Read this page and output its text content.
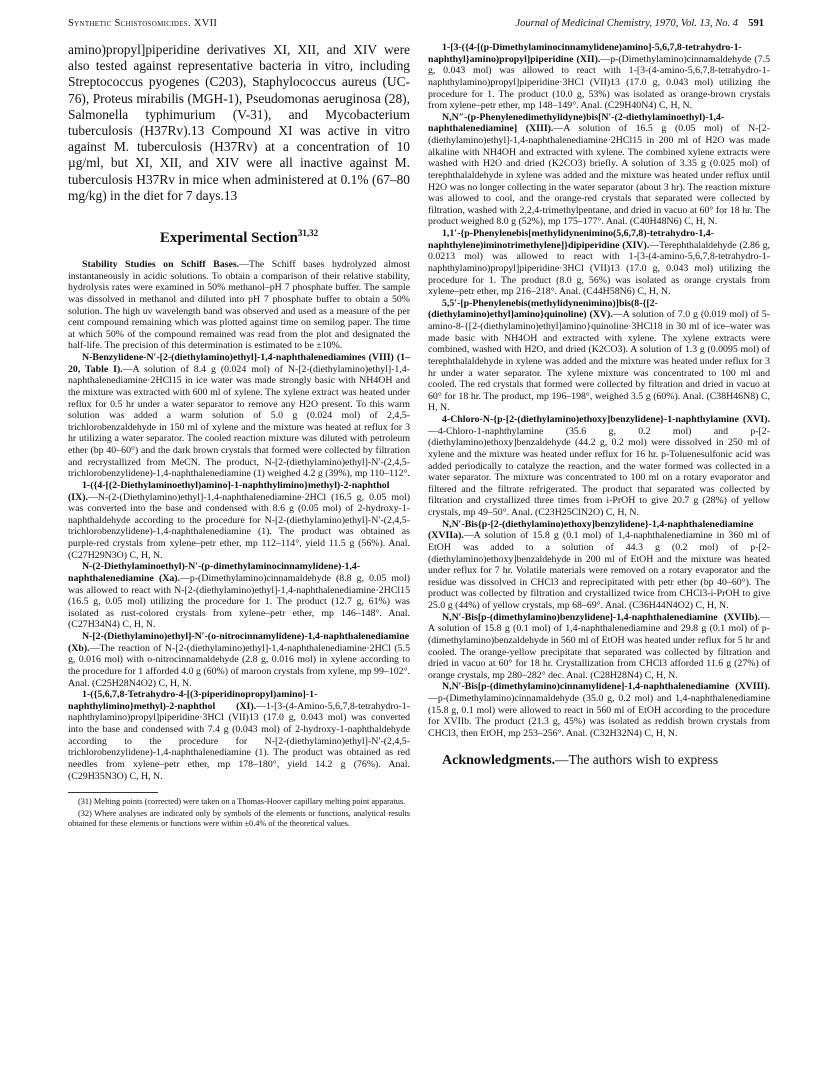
Synthetic Schistosomicides. XVII	Journal of Medicinal Chemistry, 1970, Vol. 13, No. 4 591

amino)propyl]piperidine derivatives XI, XII, and XIV were also tested against representative bacteria in vitro, including Streptococcus pyogenes (C203), Staphylococcus aureus (UC-76), Proteus mirabilis (MGH-1), Pseudomonas aeruginosa (28), Salmonella typhimurium (V-31), and Mycobacterium tuberculosis (H37Rv).13 Compound XI was active in vitro against M. tuberculosis (H37Rv) at a concentration of 10 µg/ml, but XI, XII, and XIV were all inactive against M. tuberculosis H37Rv in mice when administered at 0.1% (67–80 mg/kg) in the diet for 7 days.13

Experimental Section$^{31,32}$

Stability Studies on Schiff Bases.—The Schiff bases hydrolyzed almost instantaneously in acidic solutions. To obtain a comparison of their relative stability, hydrolysis rates were examined in 50% methanol–pH 7 phosphate buffer. The sample was dissolved in methanol and diluted into pH 7 phosphate buffer to obtain a 50% solution. The high uv wavelength band was observed and used as a measure of the per cent compound remaining which was plotted against time on semilog paper. The time at which 50% of the compound remained was read from the plot and designated the half-life. The precision of this determination is estimated to be ±10%.

N-Benzylidene-N′-[2-(diethylamino)ethyl]-1,4-naphthalenediamines (VIII) (1–20, Table I).—A solution of 8.4 g (0.024 mol) of N-[2-(diethylamino)ethyl]-1,4-naphthalenediamine·2HCl15 in ice water was made strongly basic with NH4OH and the mixture was extracted with 600 ml of xylene. The xylene extract was heated under reflux for 0.5 hr under a water separator to remove any H2O present. To this warm solution was added a warm solution of 5.0 g (0.024 mol) of 2,4,5-trichlorobenzaldehyde in 150 ml of xylene and the mixture was heated at reflux for 3 hr utilizing a water separator. The cooled reaction mixture was diluted with petroleum ether (bp 40–60°) and the dark brown crystals that formed were collected by filtration and recrystallized from MeCN. The product, N-[2-(diethylamino)ethyl]-N′-(2,4,5-trichlorobenzylidene)-1,4-naphthalenediamine (1) weighed 4.2 g (39%), mp 110–112°.

1-({4-[(2-Diethylaminoethyl)amino]-1-naphthylimino}methyl)-2-naphthol (IX).—N-(2-(Diethylamino)ethyl]-1,4-naphthalenediamine·2HCl (16.5 g, 0.05 mol) was converted into the base and condensed with 8.6 g (0.05 mol) of 2-hydroxy-1-naphthaldehyde according to the procedure for N-[2-(diethylamino)ethyl]-N′-(2,4,5-trichlorobenzylidene)-1,4-naphthalenediamine (1). The product was obtained as purple-red crystals from xylene–petr ether, mp 112–114°, yield 11.5 g (56%). Anal. (C27H29N3O) C, H, N.

N-(2-Diethylaminoethyl)-N′-(p-dimethylaminocinnamylidene)-1,4-naphthalenediamine (Xa).—p-(Dimethylamino)cinnamaldehyde (8.8 g, 0.05 mol) was allowed to react with N-[2-(diethylamino)ethyl]-1,4-naphthalenediamine·2HCl15 (16.5 g, 0.05 mol) utilizing the procedure for 1. The product (12.7 g, 61%) was isolated as rust-colored crystals from xylene–petr ether, mp 146–148°. Anal. (C27H34N4) C, H, N.

N-[2-(Diethylamino)ethyl]-N′-(o-nitrocinnamylidene)-1,4-naphthalenediamine (Xb).—The reaction of N-[2-(diethylamino)ethyl]-1,4-naphthalenediamine·2HCl (5.5 g, 0.016 mol) with o-nitrocinnamaldehyde (2.8 g, 0.016 mol) in xylene according to the procedure for 1 afforded 4.0 g (60%) of maroon crystals from xylene, mp 99–102°. Anal. (C25H28N4O2) C, H, N.

1-({5,6,7,8-Tetrahydro-4-[(3-piperidinopropyl)amino]-1-naphthylimino}methyl)-2-naphthol (XI).—1-[3-(4-Amino-5,6,7,8-tetrahydro-1-naphthylamino)propyl]piperidine·3HCl (VII)13 (17.0 g, 0.043 mol) was converted into the base and condensed with 7.4 g (0.043 mol) of 2-hydroxy-1-naphthaldehyde according to the procedure for N-[2-(diethylamino)ethyl]-N′-(2,4,5-trichlorobenzylidene)-1,4-naphthalenediamine (1). The product was obtained as red needles from xylene–petr ether, mp 178–180°, yield 14.2 g (76%). Anal. (C29H35N3O) C, H, N.

(31) Melting points (corrected) were taken on a Thomas-Hoover capillary melting point apparatus.

(32) Where analyses are indicated only by symbols of the elements or functions, analytical results obtained for these elements or functions were within ±0.4% of the theoretical values.

1-[3-({4-[(p-Dimethylaminocinnamylidene)amino]-5,6,7,8-tetrahydro-1-naphthyl}amino)propyl]piperidine (XII).—p-(Dimethylamino)cinnamaldehyde (7.5 g, 0.043 mol) was allowed to react with 1-[3-(4-amino-5,6,7,8-tetrahydro-1-naphthylamino)propyl]piperidine·3HCl (VII)13 (17.0 g, 0.043 mol) utilizing the procedure for 1. The product (10.0 g, 53%) was isolated as orange-brown crystals from xylene–petr ether, mp 148–149°. Anal. (C29H40N4) C, H, N.

N,N″-(p-Phenylenedimethylidyne)bis[N′-(2-diethylaminoethyl)-1,4-naphthalenediamine] (XIII).—A solution of 16.5 g (0.05 mol) of N-[2-(diethylamino)ethyl]-1,4-naphthalenediamine·2HCl15 in 200 ml of H2O was made alkaline with NH4OH and extracted with xylene. The combined xylene extracts were washed with H2O and dried (K2CO3) briefly. A solution of 3.35 g (0.025 mol) of terephthalaldehyde in xylene was added and the mixture was heated under reflux until H2O was no longer collecting in the water separator (about 3 hr). The reaction mixture was allowed to cool, and the orange-red crystals that separated were collected by filtration, washed with 2,2,4-trimethylpentane, and dried in vacuo at 60° for 18 hr. The product weighed 8.0 g (52%), mp 175–177°. Anal. (C40H48N6) C, H, N.

1,1′-{p-Phenylenebis[methylidynenimino(5,6,7,8)-tetrahydro-1,4-naphthylene)iminotrimethylene]}dipiperidine (XIV).—Terephthalaldehyde (2.86 g, 0.0213 mol) was allowed to react with 1-[3-(4-amino-5,6,7,8-tetrahydro-1-naphthylamino)propyl]piperidine·3HCl (VII)13 (17.0 g, 0.043 mol) utilizing the procedure for 1. The product (8.0 g, 56%) was isolated as orange crystals from xylene–petr ether, mp 216–218°. Anal. (C44H58N6) C, H, N.

5,5′-[p-Phenylenebis(methylidynenimino)]bis(8-{[2-(diethylamino)ethyl]amino}quinoline) (XV).—A solution of 7.0 g (0.019 mol) of 5-amino-8-{[2-(diethylamino)ethyl]amino}quinoline·3HCl18 in 30 ml of ice–water was made basic with NH4OH and extracted with xylene. The xylene extracts were combined, washed with H2O, and dried (K2CO3). A solution of 1.3 g (0.0095 mol) of terephthalaldehyde in xylene was added and the mixture was heated under reflux for 3 hr under a water separator. The xylene mixture was concentrated to 100 ml and cooled. The red crystals that formed were collected by filtration and dried in vacuo at 60° for 18 hr. The product, mp 196–198°, weighed 3.5 g (60%). Anal. (C38H46N8) C, H, N.

4-Chloro-N-{p-[2-(diethylamino)ethoxy]benzylidene}-1-naphthylamine (XVI).—4-Chloro-1-naphthylamine (35.6 g, 0.2 mol) and p-[2-(diethylamino)ethoxy]benzaldehyde (44.2 g, 0.2 mol) were dissolved in 250 ml of xylene and the mixture was heated under reflux for 16 hr. p-Toluenesulfonic acid was added periodically to catalyze the reaction, and the water formed was collected in a water separator. The mixture was concentrated to 100 ml on a rotary evaporator and filtered and the filtrate refrigerated. The product that separated was collected by filtration and crystallized three times from i-PrOH to give 20.7 g (28%) of yellow crystals, mp 49–50°. Anal. (C23H25ClN2O) C, H, N.

N,N′-Bis{p-[2-(diethylamino)ethoxy]benzylidene}-1,4-naphthalenediamine (XVIIa).—A solution of 15.8 g (0.1 mol) of 1,4-naphthalenediamine in 360 ml of EtOH was added to a solution of 44.3 g (0.2 mol) of p-[2-(diethylamino)ethoxy]benzaldehyde in 200 ml of EtOH and the mixture was heated under reflux for 7 hr. Volatile materials were removed on a rotary evaporator and the residue was dissolved in CHCl3 and reprecipitated with petr ether (bp 40–60°). The product was collected by filtration and crystallized twice from CHCl3-i-PrOH to give 25.0 g (44%) of yellow crystals, mp 68–69°. Anal. (C36H44N4O2) C, H, N.

N,N′-Bis[p-(dimethylamino)benzylidene]-1,4-naphthalenediamine (XVIIb).—A solution of 15.8 g (0.1 mol) of 1,4-naphthalenediamine and 29.8 g (0.1 mol) of p-(dimethylamino)benzaldehyde in 560 ml of EtOH was heated under reflux for 5 hr and cooled. The orange-yellow precipitate that separated was collected by filtration and dried in vacuo at 60° for 18 hr. Crystallization from CHCl3 afforded 11.6 g (27%) of orange crystals, mp 280–282° dec. Anal. (C28H28N4) C, H, N.

N,N′-Bis[p-(dimethylamino)cinnamylidene]-1,4-naphthalenediamine (XVIII).—p-(Dimethylamino)cinnamaldehyde (35.0 g, 0.2 mol) and 1,4-naphthalenediamine (15.8 g, 0.1 mol) were allowed to react in 560 ml of EtOH according to the procedure for XVIIb. The product (21.3 g, 45%) was isolated as reddish brown crystals from CHCl3, then EtOH, mp 253–256°. Anal. (C32H32N4) C, H, N.

Acknowledgments.—The authors wish to express
